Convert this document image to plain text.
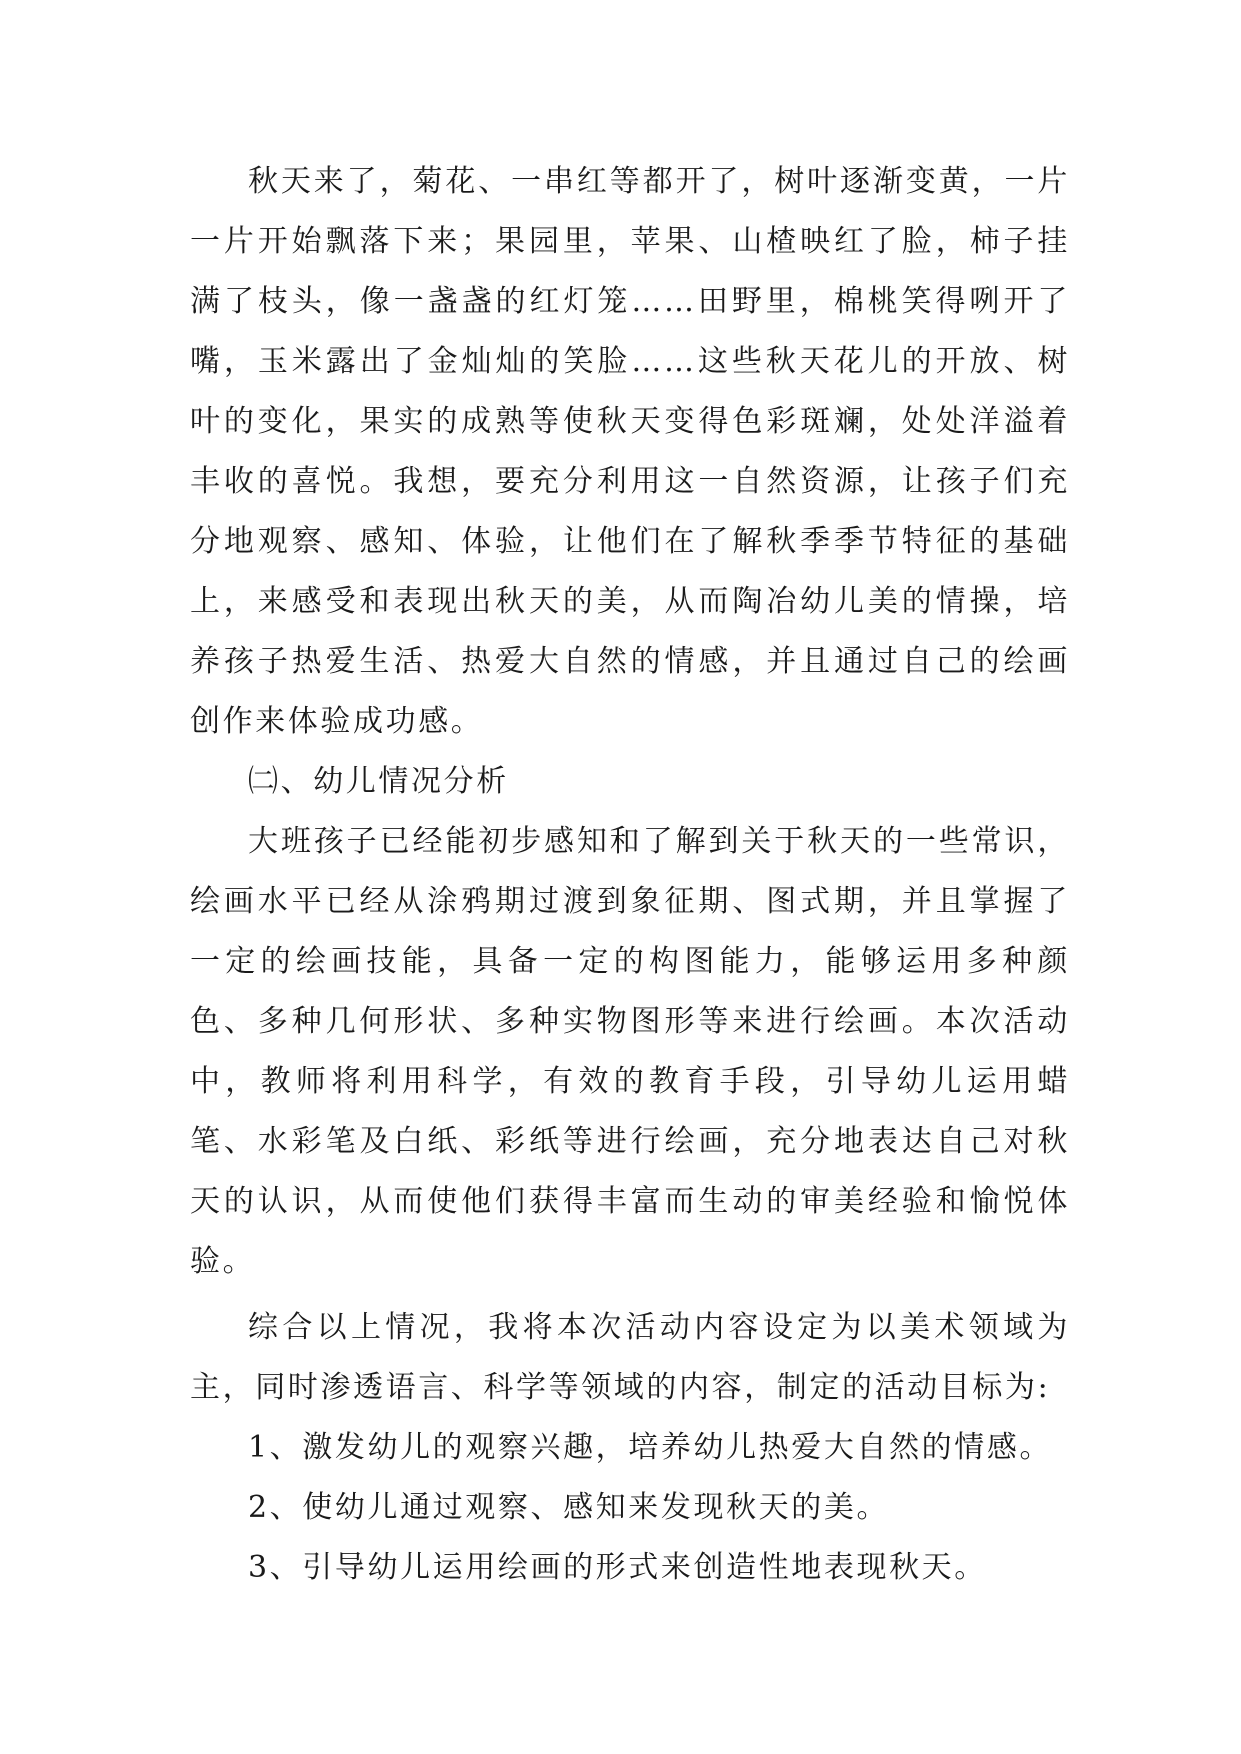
秋天来了，菊花、一串红等都开了，树叶逐渐变黄，一片一片开始飘落下来；果园里，苹果、山楂映红了脸，柿子挂满了枝头，像一盏盏的红灯笼……田野里，棉桃笑得咧开了嘴，玉米露出了金灿灿的笑脸……这些秋天花儿的开放、树叶的变化，果实的成熟等使秋天变得色彩斑斓，处处洋溢着丰收的喜悦。我想，要充分利用这一自然资源，让孩子们充分地观察、感知、体验，让他们在了解秋季季节特征的基础上，来感受和表现出秋天的美，从而陶冶幼儿美的情操，培养孩子热爱生活、热爱大自然的情感，并且通过自己的绘画创作来体验成功感。

㈡、幼儿情况分析

大班孩子已经能初步感知和了解到关于秋天的一些常识，绘画水平已经从涂鸦期过渡到象征期、图式期，并且掌握了一定的绘画技能，具备一定的构图能力，能够运用多种颜色、多种几何形状、多种实物图形等来进行绘画。本次活动中，教师将利用科学，有效的教育手段，引导幼儿运用蜡笔、水彩笔及白纸、彩纸等进行绘画，充分地表达自己对秋天的认识，从而使他们获得丰富而生动的审美经验和愉悦体验。

综合以上情况，我将本次活动内容设定为以美术领域为主，同时渗透语言、科学等领域的内容，制定的活动目标为:

1、激发幼儿的观察兴趣，培养幼儿热爱大自然的情感。

2、使幼儿通过观察、感知来发现秋天的美。

3、引导幼儿运用绘画的形式来创造性地表现秋天。
